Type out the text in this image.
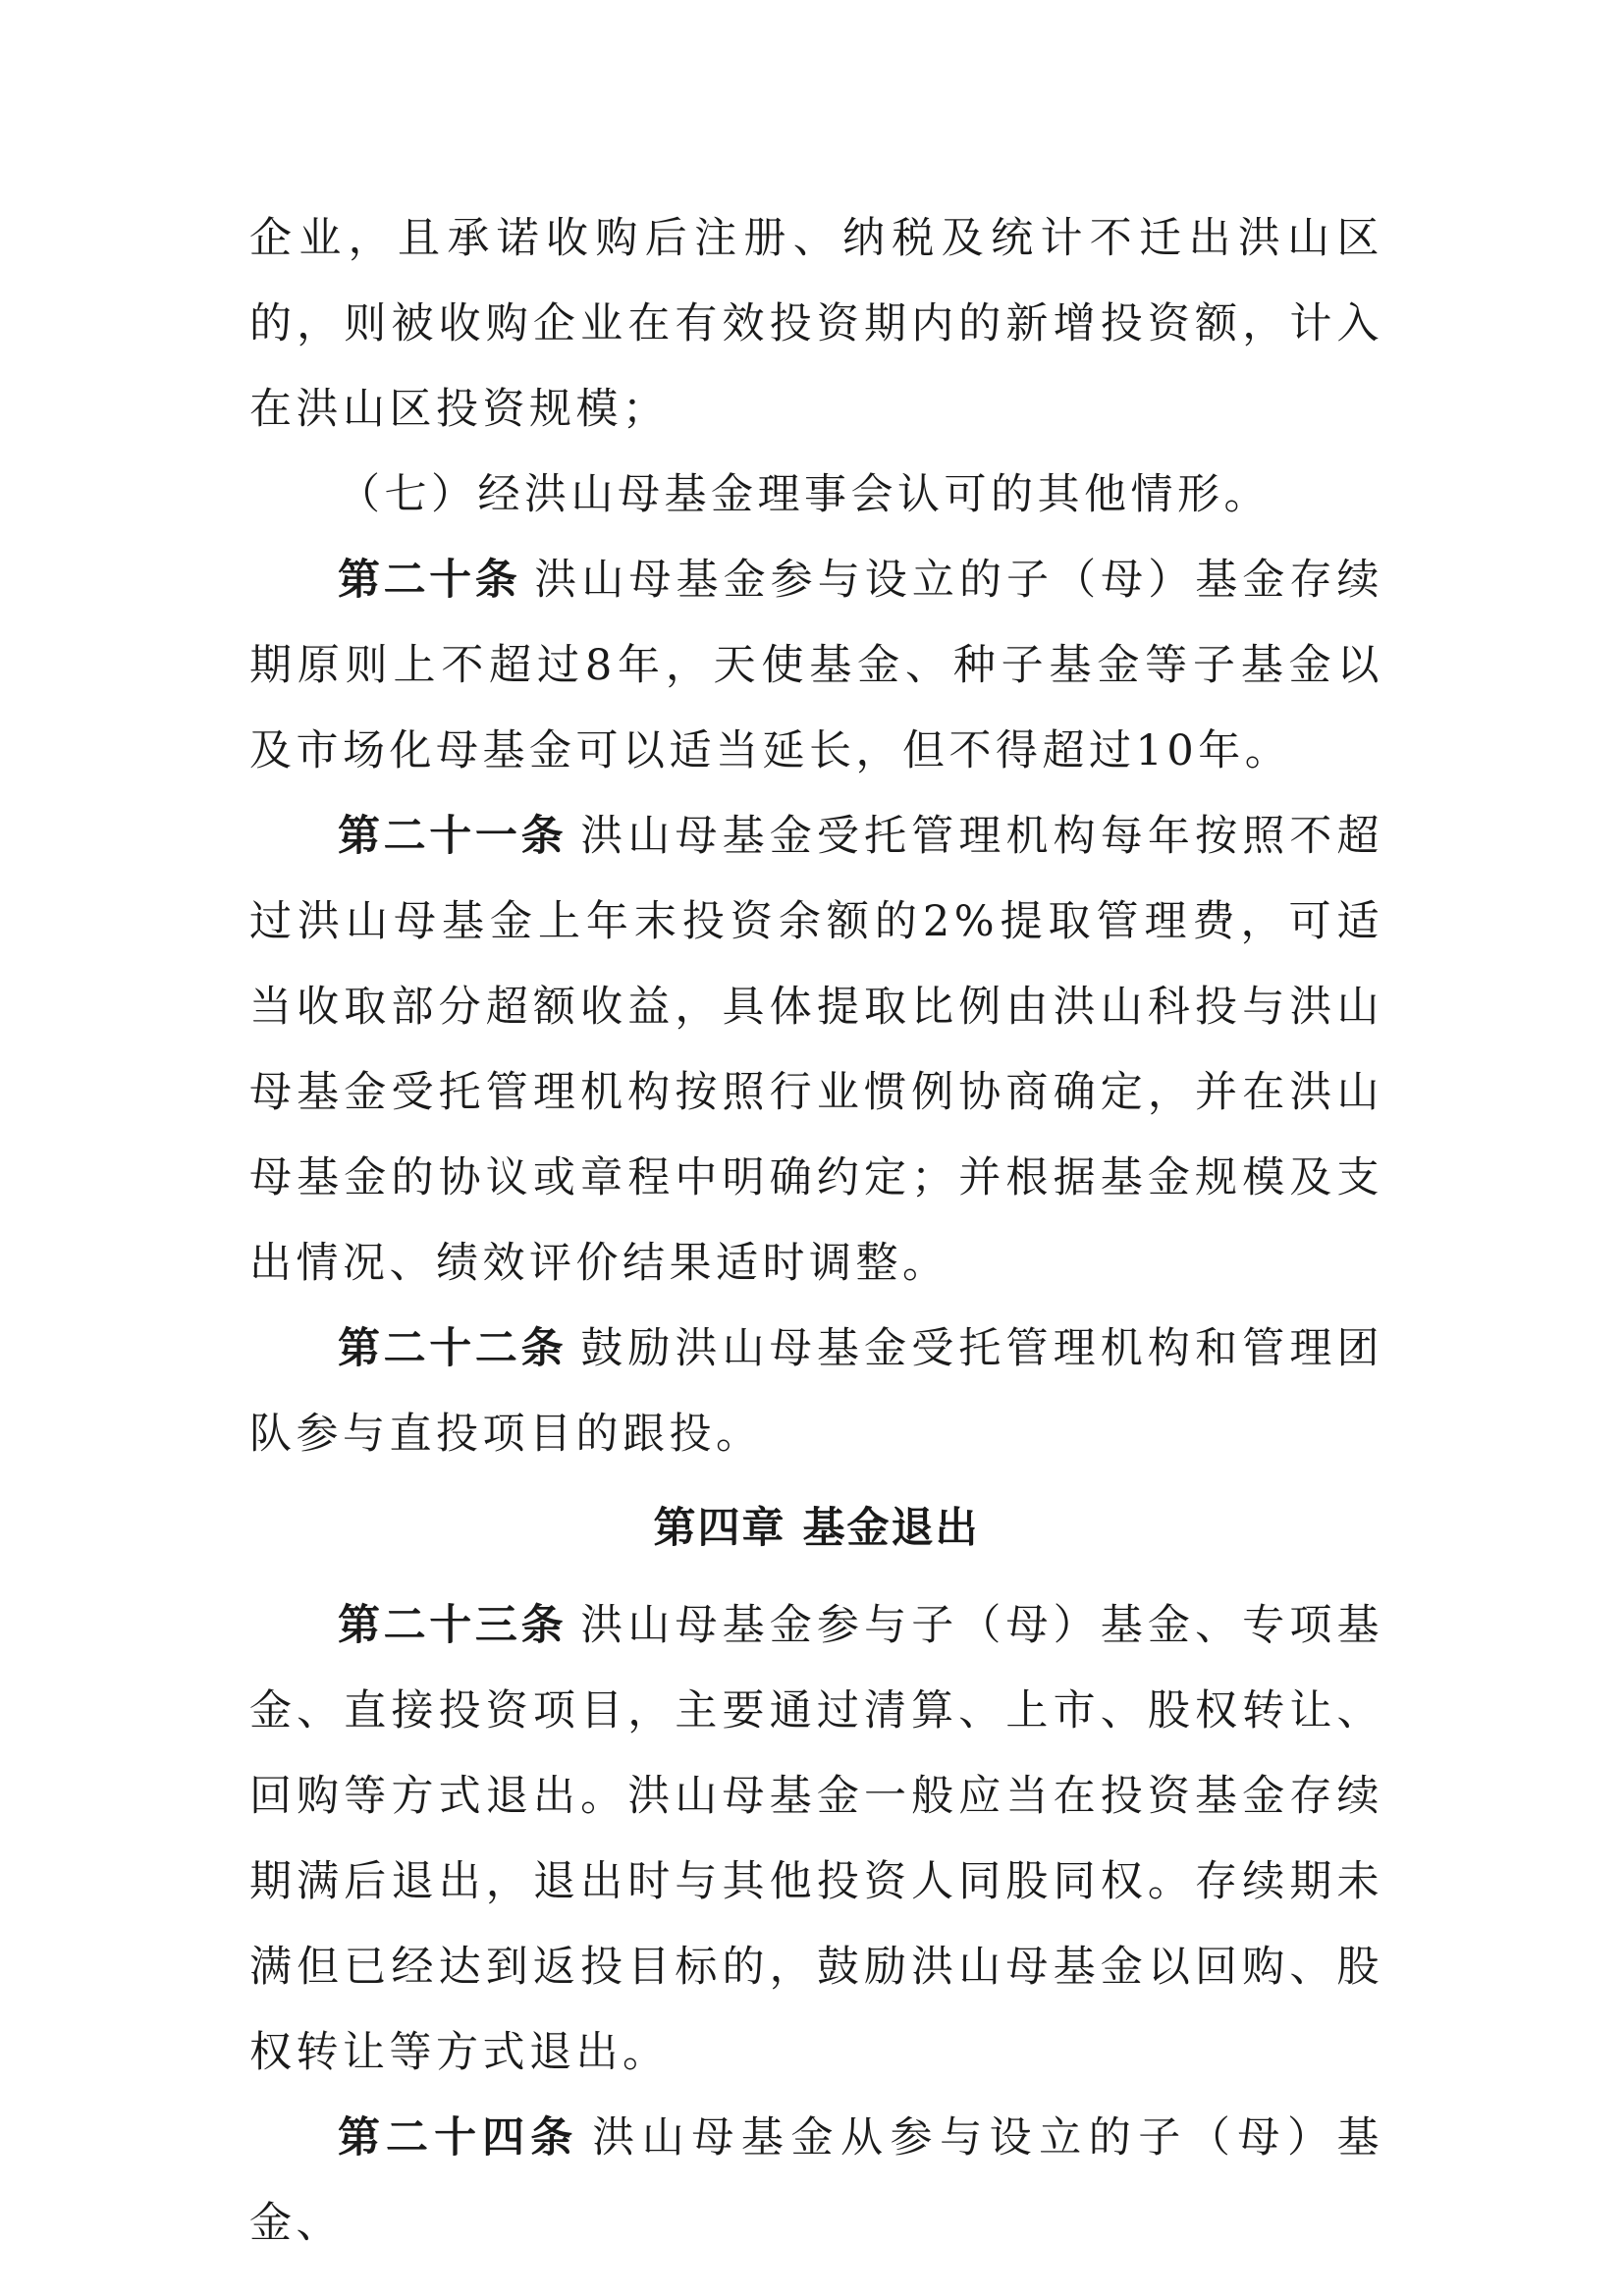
企业，且承诺收购后注册、纳税及统计不迁出洪山区的，则被收购企业在有效投资期内的新增投资额，计入在洪山区投资规模；

（七）经洪山母基金理事会认可的其他情形。

第二十条 洪山母基金参与设立的子（母）基金存续期原则上不超过8年，天使基金、种子基金等子基金以及市场化母基金可以适当延长，但不得超过10年。

第二十一条 洪山母基金受托管理机构每年按照不超过洪山母基金上年末投资余额的2%提取管理费，可适当收取部分超额收益，具体提取比例由洪山科投与洪山母基金受托管理机构按照行业惯例协商确定，并在洪山母基金的协议或章程中明确约定；并根据基金规模及支出情况、绩效评价结果适时调整。

第二十二条 鼓励洪山母基金受托管理机构和管理团队参与直投项目的跟投。

第四章 基金退出

第二十三条 洪山母基金参与子（母）基金、专项基金、直接投资项目，主要通过清算、上市、股权转让、回购等方式退出。洪山母基金一般应当在投资基金存续期满后退出，退出时与其他投资人同股同权。存续期未满但已经达到返投目标的，鼓励洪山母基金以回购、股权转让等方式退出。

第二十四条 洪山母基金从参与设立的子（母）基金、
